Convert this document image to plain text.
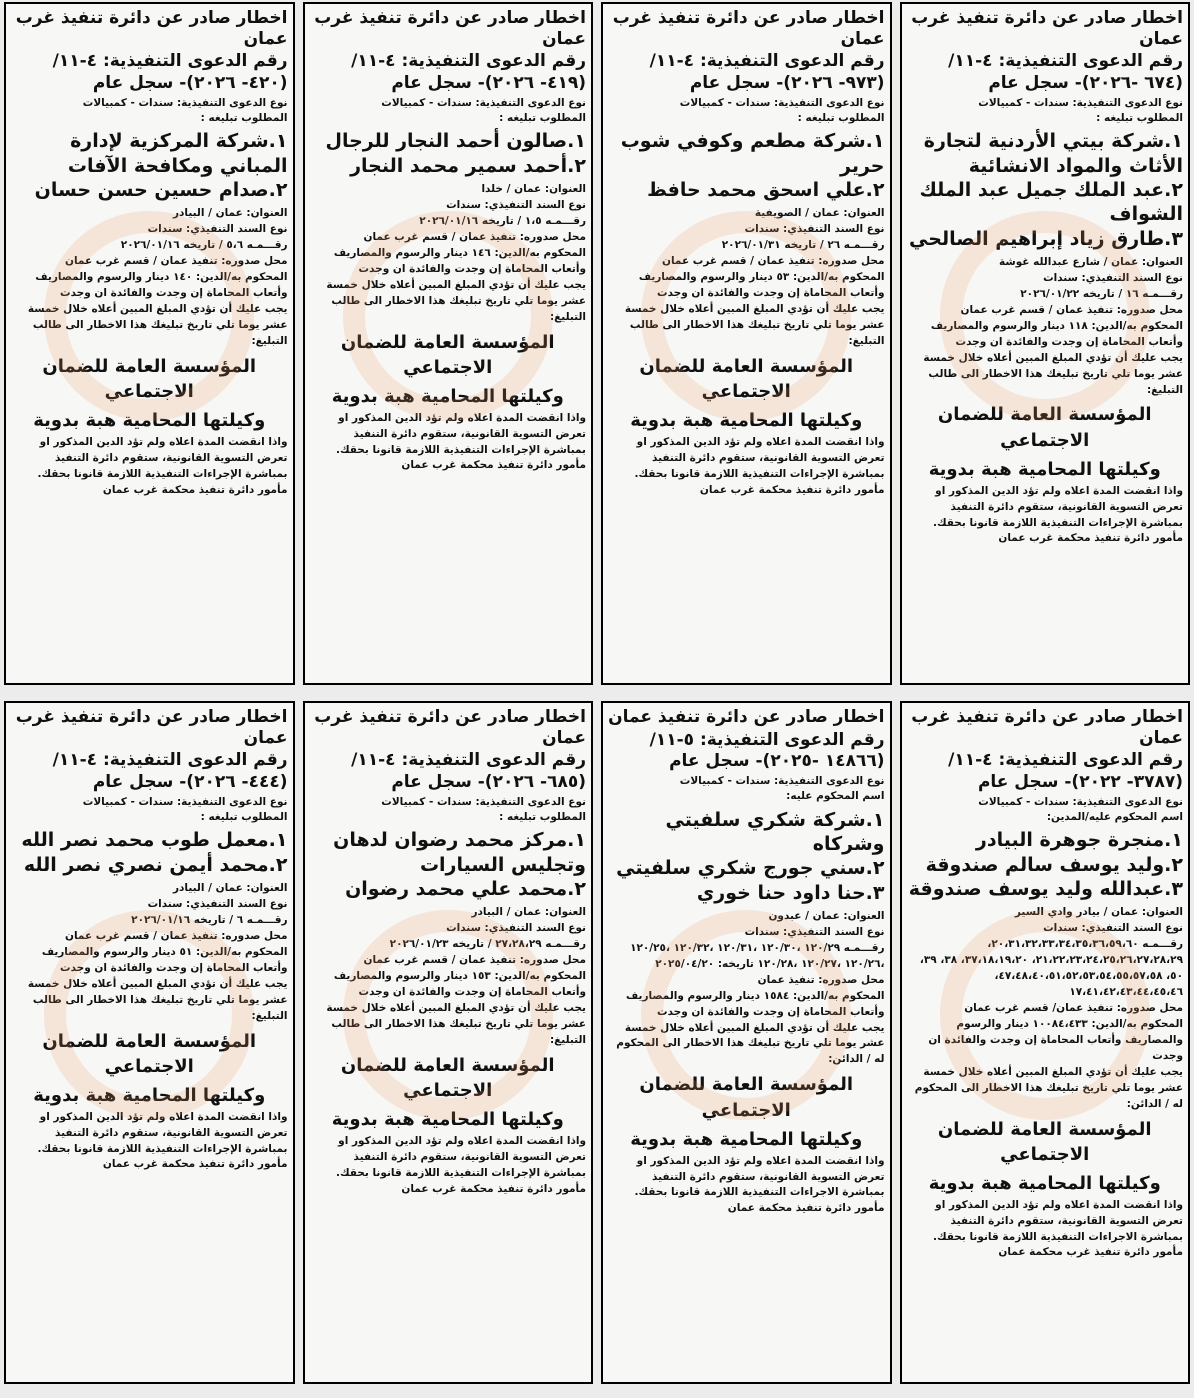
اخطار صادر عن دائرة تنفيذ غرب عمان
رقم الدعوى التنفيذية: ٤-١١/ (٦٧٤ -٢٠٢٦)- سجل عام
نوع الدعوى التنفيذية: سندات - كمبيالات
المطلوب تبليغه :
١.شركة بيتي الأردنية لتجارة الأثاث والمواد الانشائية
٢.عبد الملك جميل عبد الملك الشواف
٣.طارق زياد إبراهيم الصالحي
العنوان: عمان / شارع عبدالله غوشة
نوع السند التنفيذي: سندات
رقـــمـه ١٦ / تاريخه ٢٠٢٦/٠١/٢٢
محل صدوره: تنفيذ عمان / قسم غرب عمان
المحكوم به/الدين: ١١٨ دينار والرسوم والمصاريف وأتعاب المحاماة إن وجدت والفائدة ان وجدت
يجب عليك أن تؤدي المبلغ المبين أعلاه خلال خمسة عشر يوما تلي تاريخ تبليغك هذا الاخطار الى طالب التبليغ:
المؤسسة العامة للضمان الاجتماعي
وكيلتها المحامية هبة بدوية
واذا انقضت المدة اعلاه ولم تؤد الدين المذكور او تعرض التسوية القانونية، ستقوم دائرة التنفيذ بمباشرة الإجراءات التنفيذية اللازمة قانونا بحقك.
مأمور دائرة تنفيذ محكمة غرب عمان
اخطار صادر عن دائرة تنفيذ غرب عمان
رقم الدعوى التنفيذية: ٤-١١/ (٩٧٣- ٢٠٢٦)- سجل عام
نوع الدعوى التنفيذية: سندات - كمبيالات
المطلوب تبليغه :
١.شركة مطعم وكوفي شوب حرير
٢.علي اسحق محمد حافظ
العنوان: عمان / الصويفية
نوع السند التنفيذي: سندات
رقـــمـه ٢٦ / تاريخه ٢٠٢٦/٠١/٣١
محل صدوره: تنفيذ عمان / قسم غرب عمان
المحكوم به/الدين: ٥٣ دينار والرسوم والمصاريف وأتعاب المحاماة إن وجدت والفائدة ان وجدت
يجب عليك أن تؤدي المبلغ المبين أعلاه خلال خمسة عشر يوما تلي تاريخ تبليغك هذا الاخطار الى طالب التبليغ:
المؤسسة العامة للضمان الاجتماعي
وكيلتها المحامية هبة بدوية
واذا انقضت المدة اعلاه ولم تؤد الدين المذكور او تعرض التسوية القانونية، ستقوم دائرة التنفيذ بمباشرة الإجراءات التنفيذية اللازمة قانونا بحقك.
مأمور دائرة تنفيذ محكمة غرب عمان
اخطار صادر عن دائرة تنفيذ غرب عمان
رقم الدعوى التنفيذية: ٤-١١/ (٤١٩- ٢٠٢٦)- سجل عام
نوع الدعوى التنفيذية: سندات - كمبيالات
المطلوب تبليغه :
١.صالون أحمد النجار للرجال
٢.أحمد سمير محمد النجار
العنوان: عمان / خلدا
نوع السند التنفيذي: سندات
رقـــمـه ١،٥ / تاريخه ٢٠٢٦/٠١/١٦
محل صدوره: تنفيذ عمان / قسم غرب عمان
المحكوم به/الدين: ١٤٦ دينار والرسوم والمصاريف وأتعاب المحاماة إن وجدت والفائدة ان وجدت
يجب عليك أن تؤدي المبلغ المبين أعلاه خلال خمسة عشر يوما تلي تاريخ تبليغك هذا الاخطار الى طالب التبليغ:
المؤسسة العامة للضمان الاجتماعي
وكيلتها المحامية هبة بدوية
واذا انقضت المدة اعلاه ولم تؤد الدين المذكور او تعرض التسوية القانونية، ستقوم دائرة التنفيذ بمباشرة الإجراءات التنفيذية اللازمة قانونا بحقك.
مأمور دائرة تنفيذ محكمة غرب عمان
اخطار صادر عن دائرة تنفيذ غرب عمان
رقم الدعوى التنفيذية: ٤-١١/ (٤٢٠- ٢٠٢٦)- سجل عام
نوع الدعوى التنفيذية: سندات - كمبيالات
المطلوب تبليغه :
١.شركة المركزية لإدارة المباني ومكافحة الآفات
٢.صدام حسين حسن حسان
العنوان: عمان / البيادر
نوع السند التنفيذي: سندات
رقـــمـه ٥،٦ / تاريخه ٢٠٢٦/٠١/١٦
محل صدوره: تنفيذ عمان / قسم غرب عمان
المحكوم به/الدين: ١٤٠ دينار والرسوم والمصاريف وأتعاب المحاماة إن وجدت والفائدة ان وجدت
يجب عليك أن تؤدي المبلغ المبين أعلاه خلال خمسة عشر يوما تلي تاريخ تبليغك هذا الاخطار الى طالب التبليغ:
المؤسسة العامة للضمان الاجتماعي
وكيلتها المحامية هبة بدوية
واذا انقضت المدة اعلاه ولم تؤد الدين المذكور او تعرض التسوية القانونية، ستقوم دائرة التنفيذ بمباشرة الإجراءات التنفيذية اللازمة قانونا بحقك.
مأمور دائرة تنفيذ محكمة غرب عمان
اخطار صادر عن دائرة تنفيذ غرب عمان
رقم الدعوى التنفيذية: ٤-١١/ (٣٧٨٧- ٢٠٢٢)- سجل عام
نوع الدعوى التنفيذية: سندات - كمبيالات
اسم المحكوم عليه/المدين:
١.منجرة جوهرة البيادر
٢.وليد يوسف سالم صندوقة
٣.عبدالله وليد يوسف صندوقة
العنوان: عمان / بيادر وادي السير
نوع السند التنفيذي: سندات
رقـــمـه ٢٠،٣١،٣٢،٣٣،٣٤،٣٥،٣٦،٥٩،٦٠، ٢١،٢٢،٢٣،٢٤،٢٥،٢٦،٢٧،٢٨،٢٩، ٣٧،١٨،١٩،٢٠، ٣٨، ٣٩، ٥٠، ٤٧،٤٨،٤٠،٥١،٥٢،٥٣،٥٤،٥٥،٥٧،٥٨، ١٧،٤١،٤٢،٤٣،٤٤،٤٥،٤٦
محل صدوره: تنفيذ عمان/ قسم غرب عمان
المحكوم به/الدين: ١٠٠٨٤،٤٣٣ دينار والرسوم والمصاريف وأتعاب المحاماة إن وجدت والفائدة ان وجدت
يجب عليك أن تؤدي المبلغ المبين أعلاه خلال خمسة عشر يوما تلي تاريخ تبليغك هذا الاخطار الى المحكوم له / الدائن:
المؤسسة العامة للضمان الاجتماعي
وكيلتها المحامية هبة بدوية
واذا انقضت المدة اعلاه ولم تؤد الدين المذكور او تعرض التسوية القانونية، ستقوم دائرة التنفيذ بمباشرة الاجراءات التنفيذية اللازمة قانونا بحقك.
مأمور دائرة تنفيذ غرب محكمة عمان
اخطار صادر عن دائرة تنفيذ عمان
رقم الدعوى التنفيذية: ٥-١١/ (١٤٨٦٦ -٢٠٢٥)- سجل عام
نوع الدعوى التنفيذية: سندات - كمبيالات
اسم المحكوم عليه:
١.شركة شكري سلفيتي وشركاه
٢.سني جورج شكري سلفيتي
٣.حنا داود حنا خوري
العنوان: عمان / عبدون
نوع السند التنفيذي: سندات
رقـــمـه ١٢٠/٢٩ ،١٢٠/٣٠ ،١٢٠/٣١ ،١٢٠/٣٢ ،١٢٠/٢٥ ،١٢٠/٢٦ ،١٢٠/٢٧ ،١٢٠/٢٨ تاريخه: ٢٠٢٥/٠٤/٢٠
محل صدوره: تنفيذ عمان
المحكوم به/الدين: ١٥٨٤ دينار والرسوم والمصاريف وأتعاب المحاماة إن وجدت والفائدة ان وجدت
يجب عليك أن تؤدي المبلغ المبين أعلاه خلال خمسة عشر يوما تلي تاريخ تبليغك هذا الاخطار الى المحكوم له / الدائن:
المؤسسة العامة للضمان الاجتماعي
وكيلتها المحامية هبة بدوية
واذا انقضت المدة اعلاه ولم تؤد الدين المذكور او تعرض التسوية القانونية، ستقوم دائرة التنفيذ بمباشرة الاجراءات التنفيذية اللازمة قانونا بحقك.
مأمور دائرة تنفيذ محكمة عمان
اخطار صادر عن دائرة تنفيذ غرب عمان
رقم الدعوى التنفيذية: ٤-١١/ (٦٨٥- ٢٠٢٦)- سجل عام
نوع الدعوى التنفيذية: سندات - كمبيالات
المطلوب تبليغه :
١.مركز محمد رضوان لدهان وتجليس السيارات
٢.محمد علي محمد رضوان
العنوان: عمان / البيادر
نوع السند التنفيذي: سندات
رقـــمـه ٢٧،٢٨،٢٩ / تاريخه ٢٠٢٦/٠١/٢٣
محل صدوره: تنفيذ عمان / قسم غرب عمان
المحكوم به/الدين: ١٥٣ دينار والرسوم والمصاريف وأتعاب المحاماة إن وجدت والفائدة ان وجدت
يجب عليك أن تؤدي المبلغ المبين أعلاه خلال خمسة عشر يوما تلي تاريخ تبليغك هذا الاخطار الى طالب التبليغ:
المؤسسة العامة للضمان الاجتماعي
وكيلتها المحامية هبة بدوية
واذا انقضت المدة اعلاه ولم تؤد الدين المذكور او تعرض التسوية القانونية، ستقوم دائرة التنفيذ بمباشرة الإجراءات التنفيذية اللازمة قانونا بحقك.
مأمور دائرة تنفيذ محكمة غرب عمان
اخطار صادر عن دائرة تنفيذ غرب عمان
رقم الدعوى التنفيذية: ٤-١١/ (٤٤٤- ٢٠٢٦)- سجل عام
نوع الدعوى التنفيذية: سندات - كمبيالات
المطلوب تبليغه :
١.معمل طوب محمد نصر الله
٢.محمد أيمن نصري نصر الله
العنوان: عمان / البيادر
نوع السند التنفيذي: سندات
رقـــمـه ٦ / تاريخه ٢٠٢٦/٠١/١٦
محل صدوره: تنفيذ عمان / قسم غرب عمان
المحكوم به/الدين: ٥١ دينار والرسوم والمصاريف وأتعاب المحاماة إن وجدت والفائدة ان وجدت
يجب عليك أن تؤدي المبلغ المبين أعلاه خلال خمسة عشر يوما تلي تاريخ تبليغك هذا الاخطار الى طالب التبليغ:
المؤسسة العامة للضمان الاجتماعي
وكيلتها المحامية هبة بدوية
واذا انقضت المدة اعلاه ولم تؤد الدين المذكور او تعرض التسوية القانونية، ستقوم دائرة التنفيذ بمباشرة الإجراءات التنفيذية اللازمة قانونا بحقك.
مأمور دائرة تنفيذ محكمة غرب عمان
